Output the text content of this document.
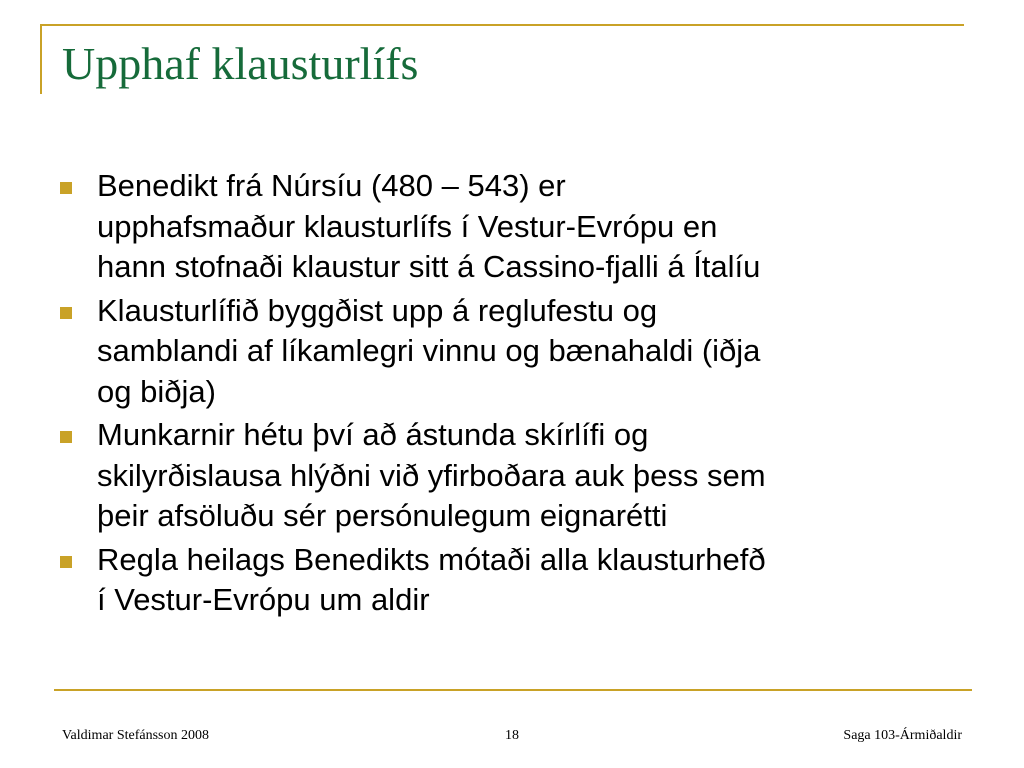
Upphaf klausturlífs
Benedikt frá Núrsíu (480 – 543) er
upphafsmaður klausturlífs í Vestur-Evrópu en
hann stofnaði klaustur sitt á Cassino-fjalli á Ítalíu
Klausturlífið byggðist upp á reglufestu og
samblandi af líkamlegri vinnu og bænahaldi (iðja
og biðja)
Munkarnir hétu því að ástunda skírlífi og
skilyrðislausa hlýðni við yfirboðara auk þess sem
þeir afsöluðu sér persónulegum eignarétti
Regla heilags Benedikts mótaði alla klausturhefð
í Vestur-Evrópu um aldir
Valdimar Stefánsson 2008	18	Saga 103-Ármiðaldir
